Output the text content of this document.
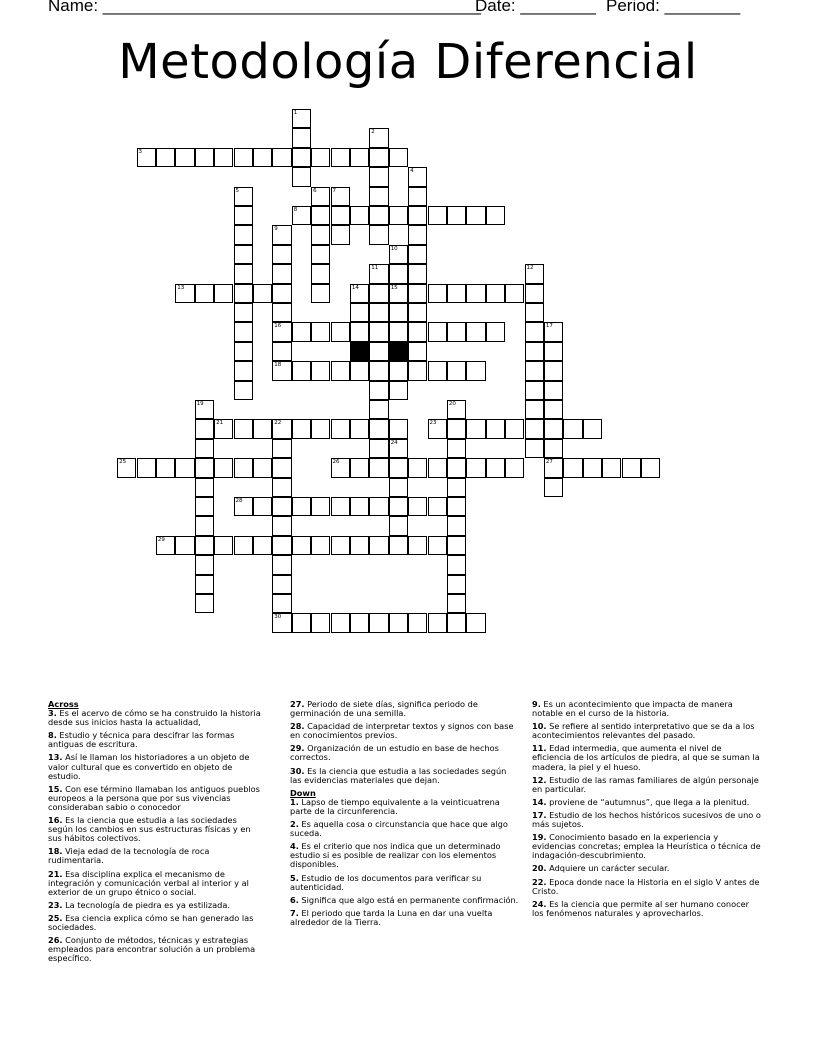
Name: ________________________________________
Date: ________ Period: ________
Metodología Diferencial
3
8
13	14	15
16
18
21	22	23
25	26	27
28
29
30
1
2
4
5	6	7
9
10
11	12
17
19	20
24
Across
3. Es el acervo de cómo se ha construido la historia desde sus inicios hasta la actualidad,
8. Estudio y técnica para descifrar las formas antiguas de escritura.
13. Así le llaman los historiadores a un objeto de valor cultural que es convertido en objeto de estudio.
15. Con ese término llamaban los antiguos pueblos europeos a la persona que por sus vivencias consideraban sabio o conocedor
16. Es la ciencia que estudia a las sociedades según los cambios en sus estructuras físicas y en sus hábitos colectivos.
18. Vieja edad de la tecnología de roca rudimentaria.
21. Esa disciplina explica el mecanismo de integración y comunicación verbal al interior y al exterior de un grupo étnico o social.
23. La tecnología de piedra es ya estilizada.
25. Esa ciencia explica cómo se han generado las sociedades.
26. Conjunto de métodos, técnicas y estrategias empleados para encontrar solución a un problema específico.
27. Periodo de siete días, significa periodo de germinación de una semilla.
28. Capacidad de interpretar textos y signos con base en conocimientos previos.
29. Organización de un estudio en base de hechos correctos.
30. Es la ciencia que estudia a las sociedades según las evidencias materiales que dejan.
Down
1. Lapso de tiempo equivalente a la veinticuatrena parte de la circunferencia.
2. Es aquella cosa o circunstancia que hace que algo suceda.
4. Es el criterio que nos indica que un determinado estudio si es posible de realizar con los elementos disponibles.
5. Estudio de los documentos para verificar su autenticidad.
6. Significa que algo está en permanente confirmación.
7. El periodo que tarda la Luna en dar una vuelta alrededor de la Tierra.
9. Es un acontecimiento que impacta de manera notable en el curso de la historia.
10. Se refiere al sentido interpretativo que se da a los acontecimientos relevantes del pasado.
11. Edad intermedia, que aumenta el nivel de eficiencia de los artículos de piedra, al que se suman la madera, la piel y el hueso.
12. Estudio de las ramas familiares de algún personaje en particular.
14. proviene de “autumnus”, que llega a la plenitud.
17. Estudio de los hechos históricos sucesivos de uno o más sujetos.
19. Conocimiento basado en la experiencia y evidencias concretas; emplea la Heurística o técnica de indagación-descubrimiento.
20. Adquiere un carácter secular.
22. Epoca donde nace la Historia en el siglo V antes de Cristo.
24. Es la ciencia que permite al ser humano conocer los fenómenos naturales y aprovecharlos.
